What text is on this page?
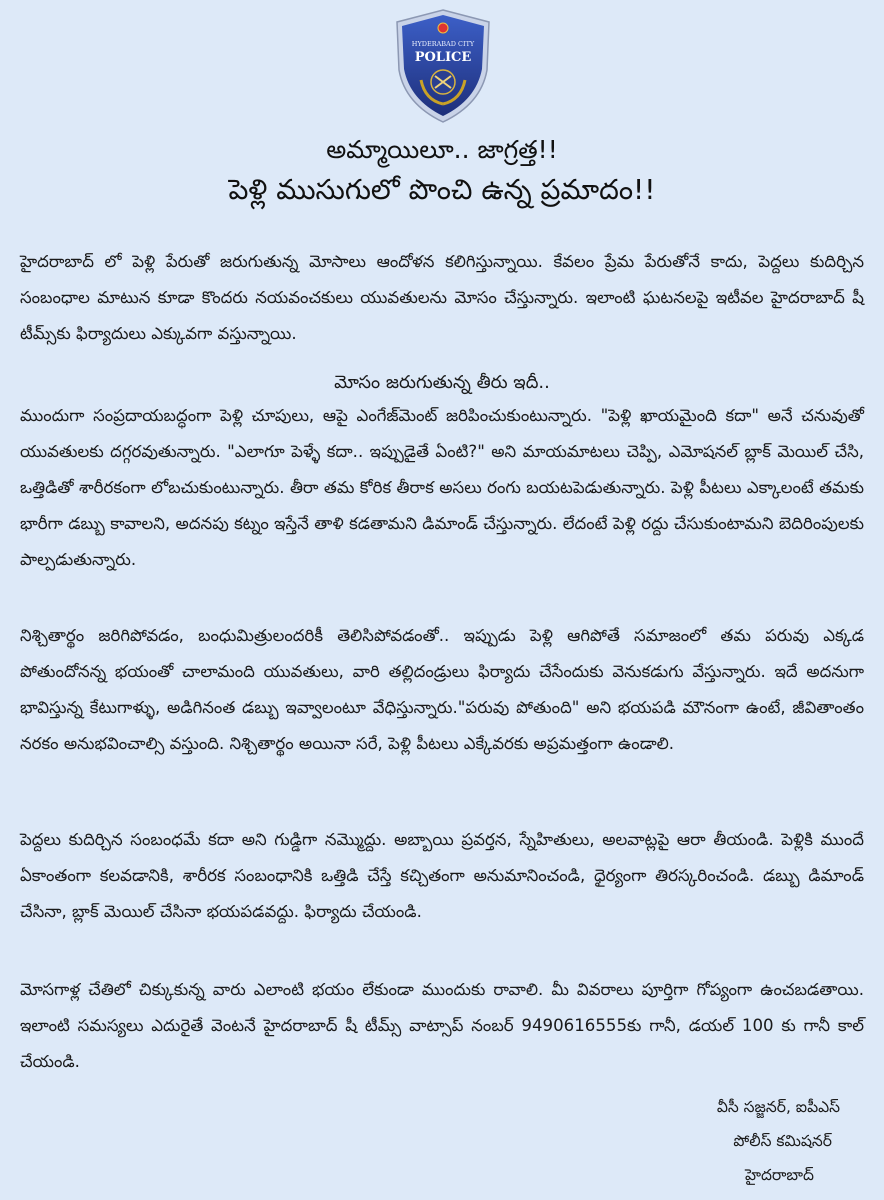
HYDERABAD CITY
POLICE
అమ్మాయిలూ.. జాగ్రత్త!!
పెళ్లి ముసుగులో పొంచి ఉన్న ప్రమాదం!!

హైదరాబాద్ లో పెళ్లి పేరుతో జరుగుతున్న మోసాలు ఆందోళన కలిగిస్తున్నాయి. కేవలం ప్రేమ పేరుతోనే కాదు, పెద్దలు కుదిర్చిన సంబంధాల మాటున కూడా కొందరు నయవంచకులు యువతులను మోసం చేస్తున్నారు. ఇలాంటి ఘటనలపై ఇటీవల హైదరాబాద్ షీ టీమ్స్‌కు ఫిర్యాదులు ఎక్కువగా వస్తున్నాయి.

మోసం జరుగుతున్న తీరు ఇదీ..

ముందుగా సంప్రదాయబద్ధంగా పెళ్లి చూపులు, ఆపై ఎంగేజ్‌మెంట్ జరిపించుకుంటున్నారు. "పెళ్లి ఖాయమైంది కదా" అనే చనువుతో యువతులకు దగ్గరవుతున్నారు. "ఎలాగూ పెళ్ళే కదా.. ఇప్పుడైతే ఏంటి?" అని మాయమాటలు చెప్పి, ఎమోషనల్ బ్లాక్ మెయిల్ చేసి, ఒత్తిడితో శారీరకంగా లోబచుకుంటున్నారు. తీరా తమ కోరిక తీరాక అసలు రంగు బయటపెడుతున్నారు. పెళ్లి పీటలు ఎక్కాలంటే తమకు భారీగా డబ్బు కావాలని, అదనపు కట్నం ఇస్తేనే తాళి కడతామని డిమాండ్ చేస్తున్నారు. లేదంటే పెళ్లి రద్దు చేసుకుంటామని బెదిరింపులకు పాల్పడుతున్నారు.

నిశ్చితార్థం జరిగిపోవడం, బంధుమిత్రులందరికీ తెలిసిపోవడంతో.. ఇప్పుడు పెళ్లి ఆగిపోతే సమాజంలో తమ పరువు ఎక్కడ పోతుందోనన్న భయంతో చాలామంది యువతులు, వారి తల్లిదండ్రులు ఫిర్యాదు చేసేందుకు వెనుకడుగు వేస్తున్నారు. ఇదే అదనుగా భావిస్తున్న కేటుగాళ్ళు, అడిగినంత డబ్బు ఇవ్వాలంటూ వేధిస్తున్నారు."పరువు పోతుంది" అని భయపడి మౌనంగా ఉంటే, జీవితాంతం నరకం అనుభవించాల్సి వస్తుంది. నిశ్చితార్థం అయినా సరే, పెళ్లి పీటలు ఎక్కేవరకు అప్రమత్తంగా ఉండాలి.

పెద్దలు కుదిర్చిన సంబంధమే కదా అని గుడ్డిగా నమ్మొద్దు. అబ్బాయి ప్రవర్తన, స్నేహితులు, అలవాట్లపై ఆరా తీయండి. పెళ్లికి ముందే ఏకాంతంగా కలవడానికి, శారీరక సంబంధానికి ఒత్తిడి చేస్తే కచ్చితంగా అనుమానించండి, ధైర్యంగా తిరస్కరించండి. డబ్బు డిమాండ్ చేసినా, బ్లాక్ మెయిల్ చేసినా భయపడవద్దు. ఫిర్యాదు చేయండి.

మోసగాళ్ల చేతిలో చిక్కుకున్న వారు ఎలాంటి భయం లేకుండా ముందుకు రావాలి. మీ వివరాలు పూర్తిగా గోప్యంగా ఉంచబడతాయి. ఇలాంటి సమస్యలు ఎదురైతే వెంటనే హైదరాబాద్ షీ టీమ్స్ వాట్సాప్ నంబర్ 9490616555కు గానీ, డయల్ 100 కు గానీ కాల్ చేయండి.

వీసీ సజ్జనర్, ఐపీఎస్
పోలీస్ కమిషనర్
హైదరాబాద్
